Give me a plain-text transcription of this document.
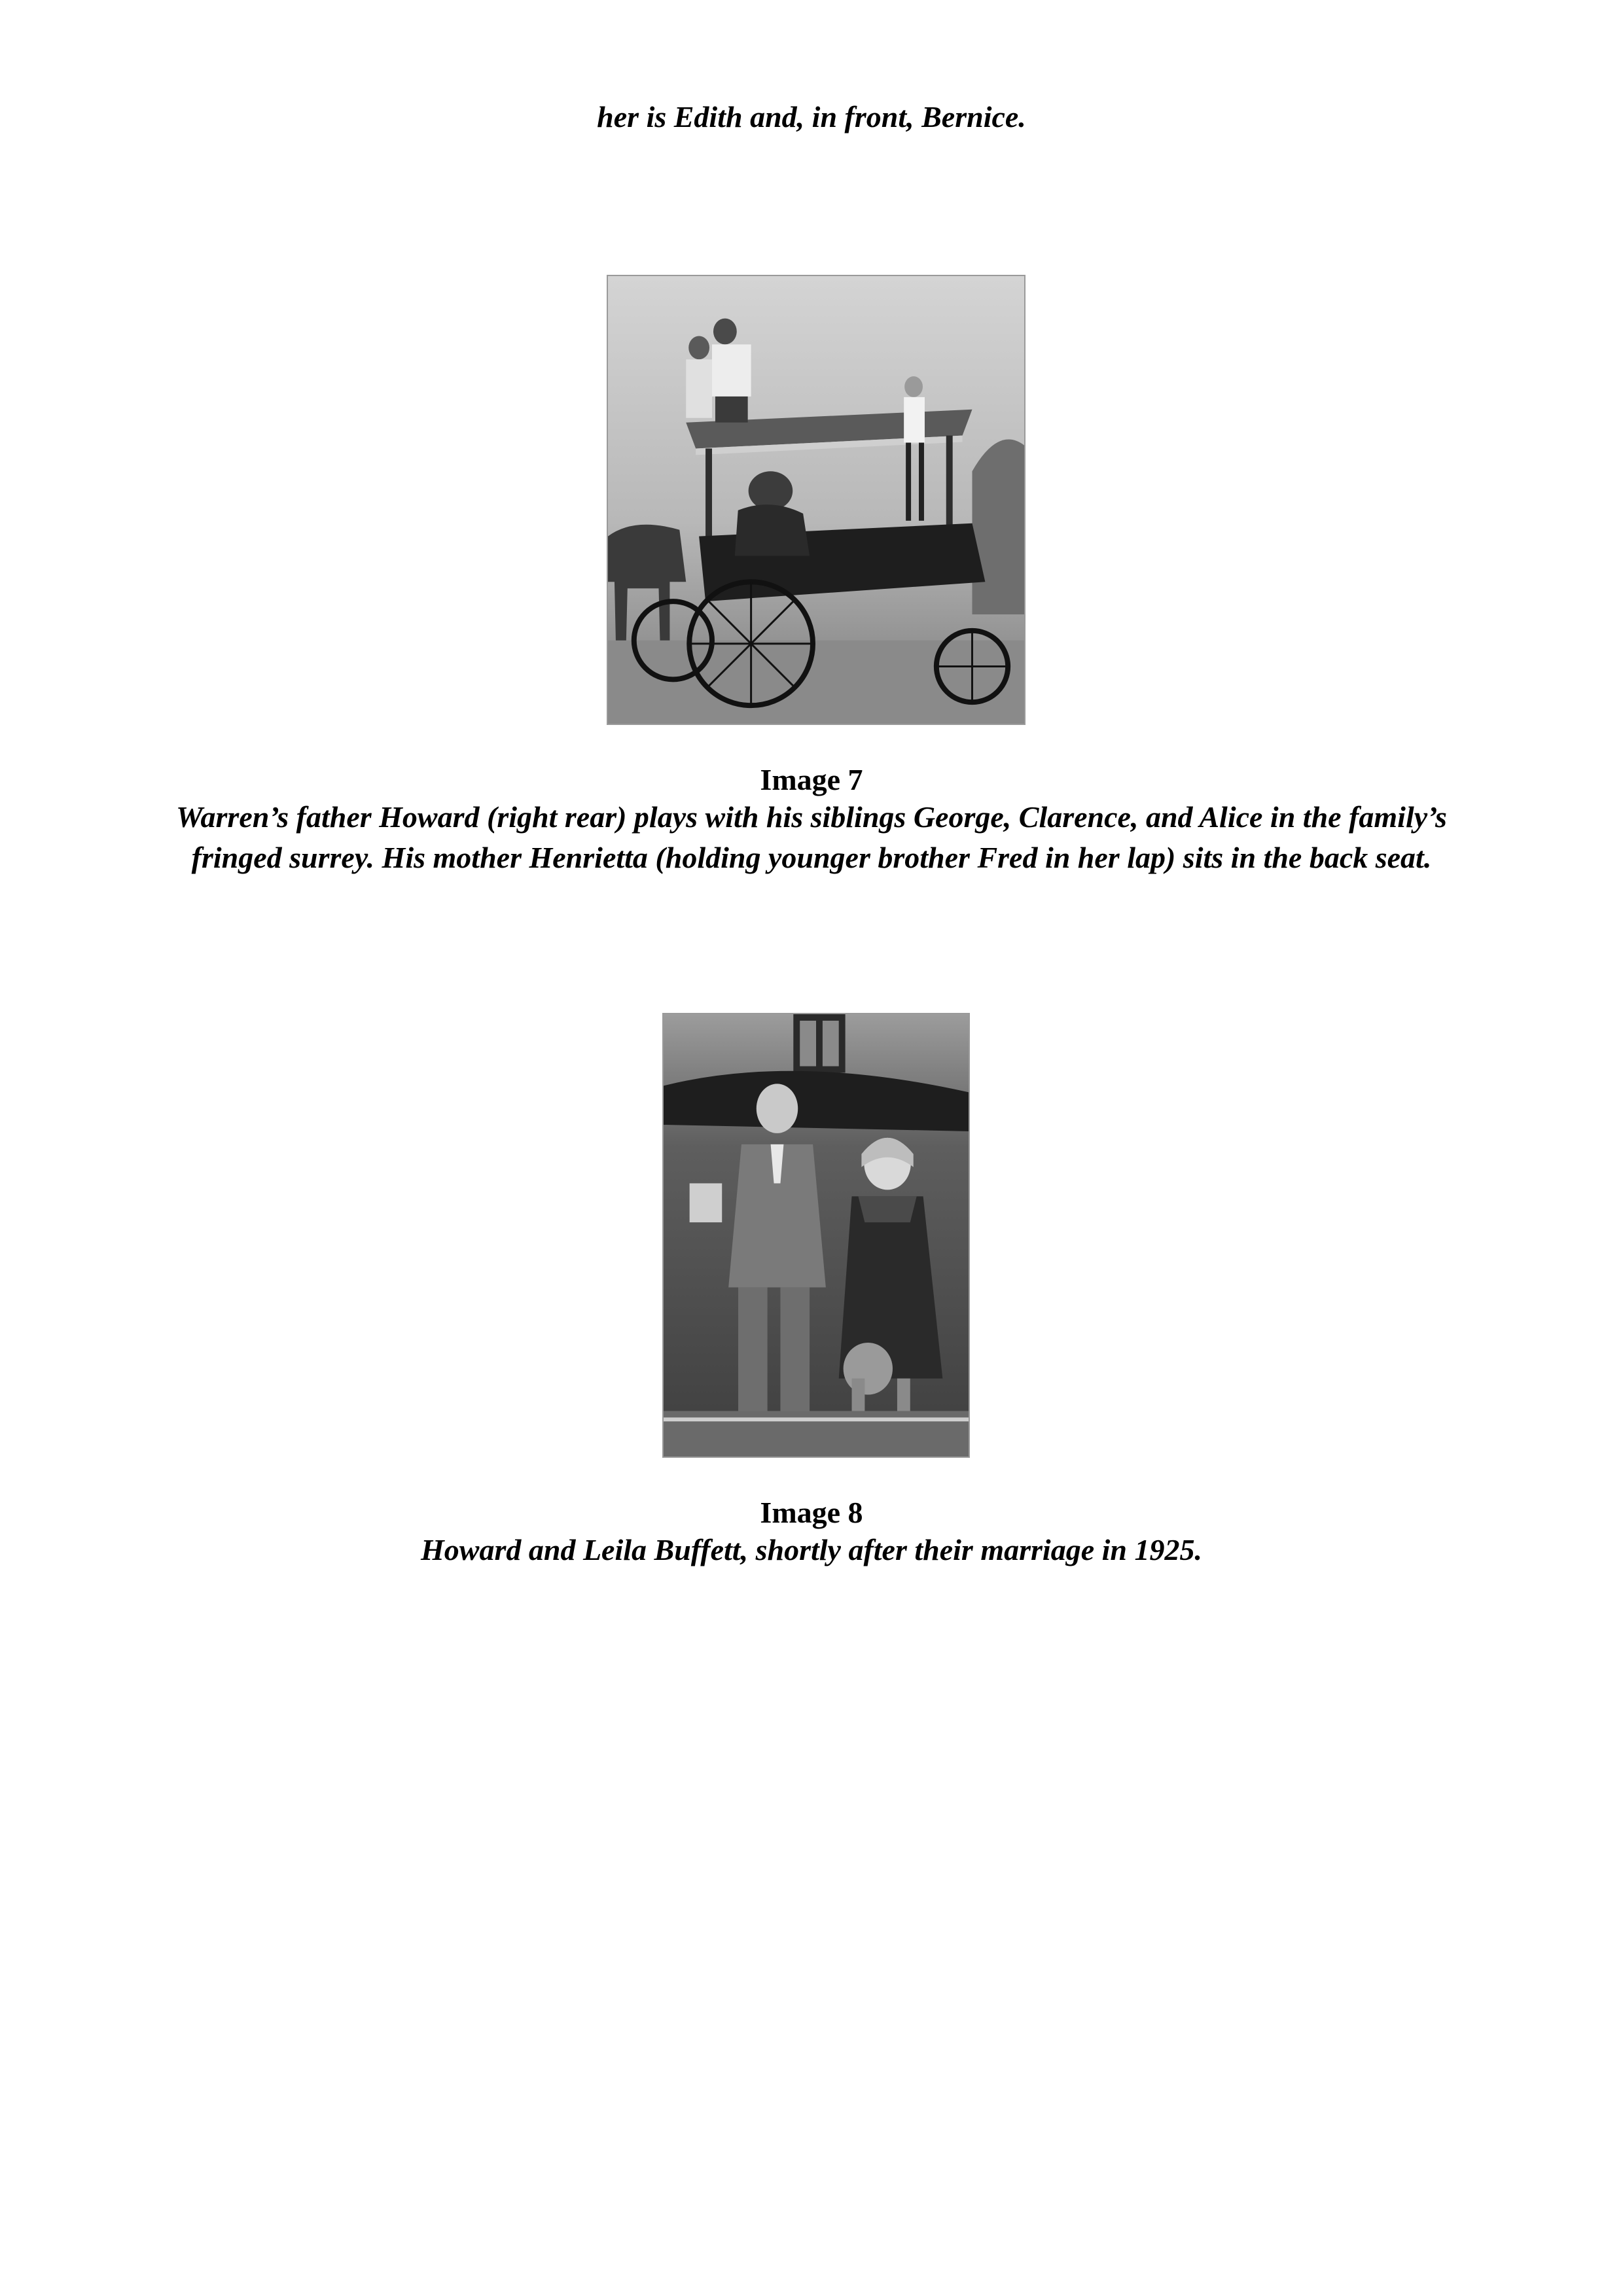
her is Edith and, in front, Bernice.

Image 7

Warren’s father Howard (right rear) plays with his siblings George, Clarence, and Alice in the family’s

fringed surrey. His mother Henrietta (holding younger brother Fred in her lap) sits in the back seat.

Image 8

Howard and Leila Buffett, shortly after their marriage in 1925.
